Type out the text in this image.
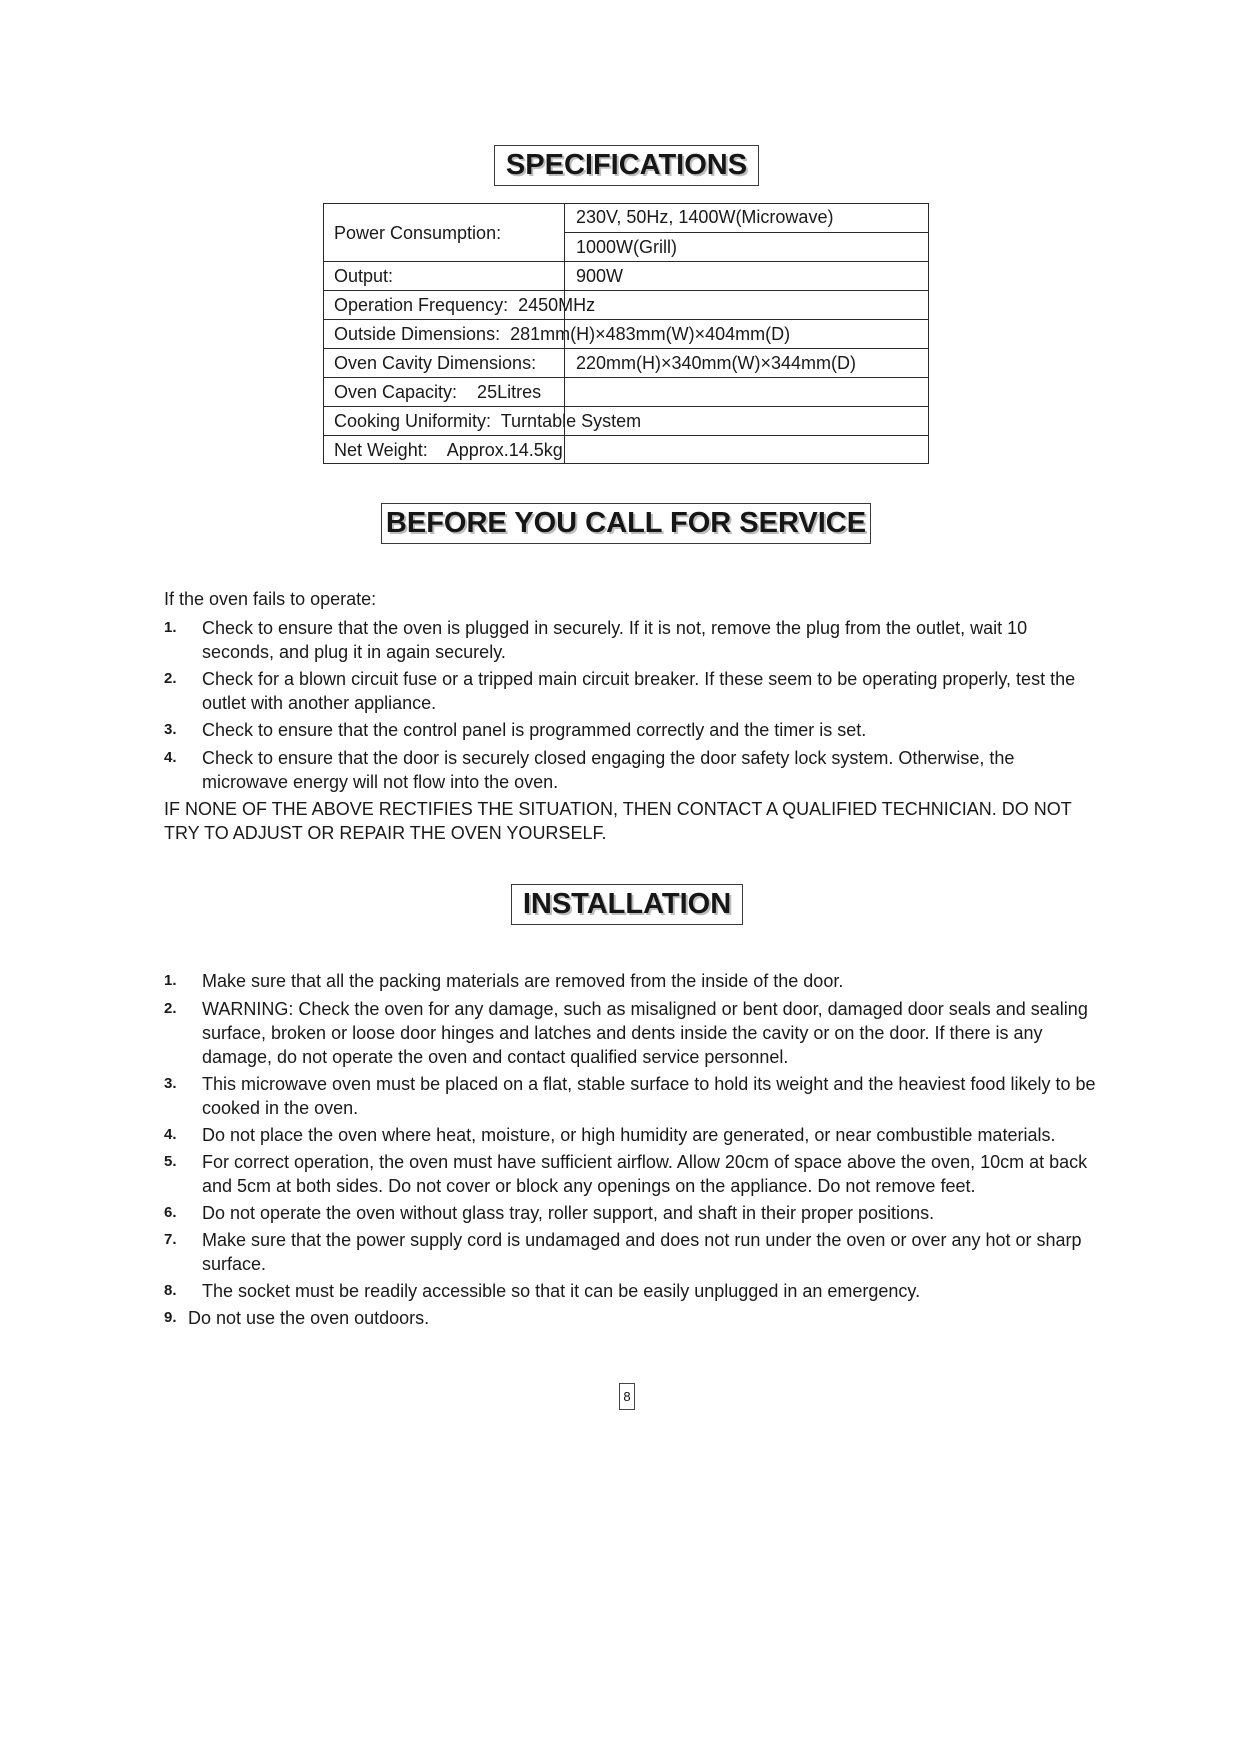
SPECIFICATIONS
BEFORE YOU CALL FOR SERVICE
INSTALLATION
Power Consumption:
230V, 50Hz, 1400W(Microwave)
1000W(Grill)
Output:	900W
Operation Frequency:  2450MHz
Outside Dimensions:  281mm(H)×483mm(W)×404mm(D)
Oven Cavity Dimensions: 220mm(H)×340mm(W)×344mm(D)
Oven Capacity:    25Litres
Cooking Uniformity:  Turntable System
Net Weight:    Approx.14.5kg
If the oven fails to operate:
1. Check to ensure that the oven is plugged in securely. If it is not, remove the plug from the outlet, wait 10 seconds, and plug it in again securely.
2. Check for a blown circuit fuse or a tripped main circuit breaker. If these seem to be operating properly, test the outlet with another appliance.
3. Check to ensure that the control panel is programmed correctly and the timer is set.
4. Check to ensure that the door is securely closed engaging the door safety lock system. Otherwise, the microwave energy will not flow into the oven.
IF NONE OF THE ABOVE RECTIFIES THE SITUATION, THEN CONTACT A QUALIFIED TECHNICIAN. DO NOT TRY TO ADJUST OR REPAIR THE OVEN YOURSELF.
1. Make sure that all the packing materials are removed from the inside of the door.
2. WARNING: Check the oven for any damage, such as misaligned or bent door, damaged door seals and sealing surface, broken or loose door hinges and latches and dents inside the cavity or on the door. If there is any damage, do not operate the oven and contact qualified service personnel.
3. This microwave oven must be placed on a flat, stable surface to hold its weight and the heaviest food likely to be cooked in the oven.
4. Do not place the oven where heat, moisture, or high humidity are generated, or near combustible materials.
5. For correct operation, the oven must have sufficient airflow. Allow 20cm of space above the oven, 10cm at back and 5cm at both sides. Do not cover or block any openings on the appliance. Do not remove feet.
6. Do not operate the oven without glass tray, roller support, and shaft in their proper positions.
7. Make sure that the power supply cord is undamaged and does not run under the oven or over any hot or sharp surface.
8. The socket must be readily accessible so that it can be easily unplugged in an emergency.
9. Do not use the oven outdoors.
8
